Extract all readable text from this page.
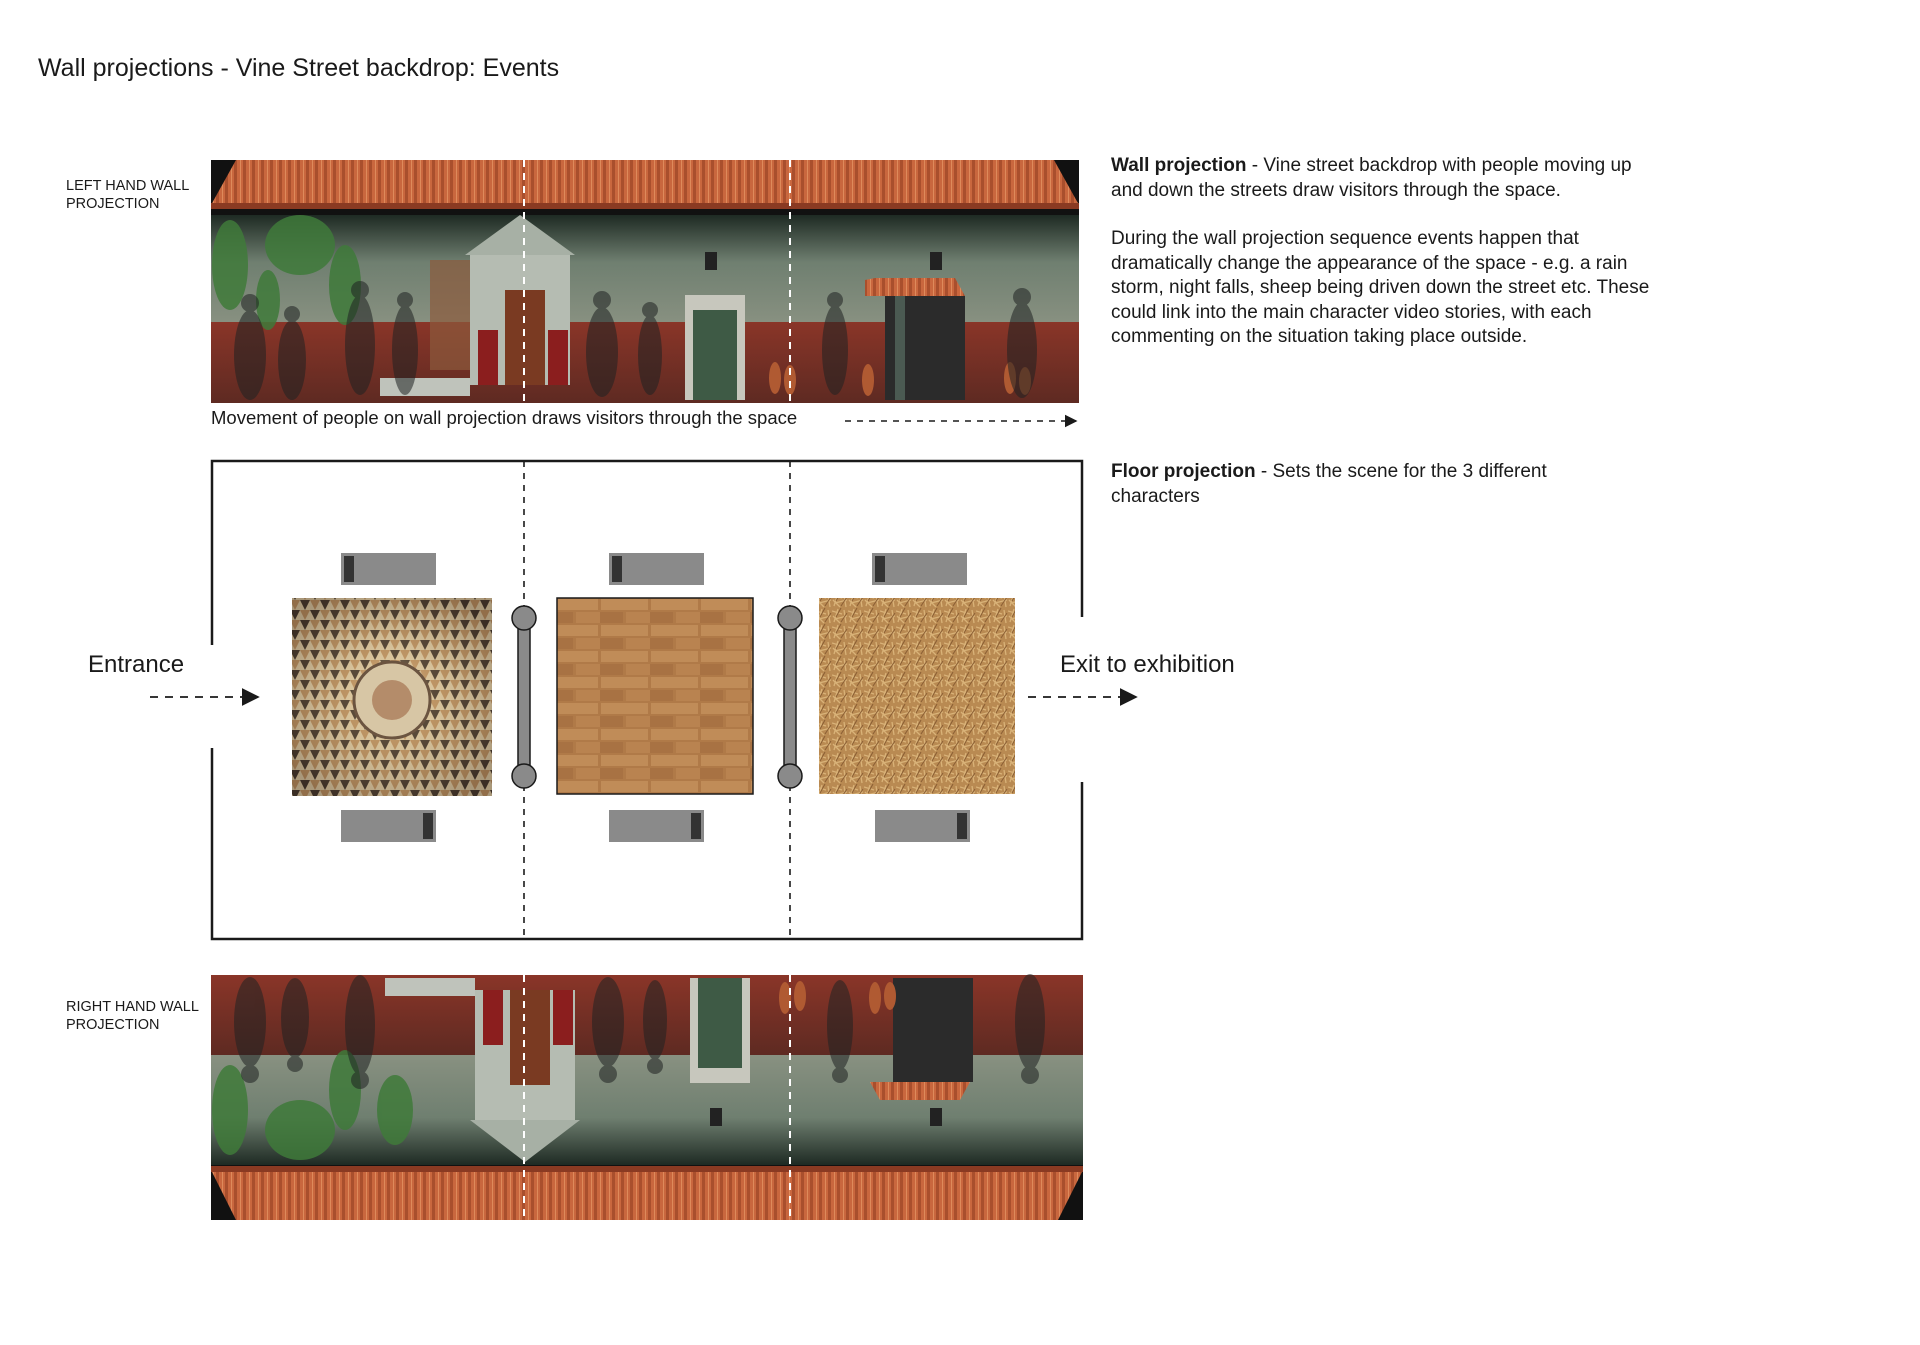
Wall projections - Vine Street backdrop: Events
LEFT HAND WALL PROJECTION
RIGHT HAND WALL PROJECTION

Wall projection - Vine street backdrop with people moving up and down the streets draw visitors through the space.

During the wall projection sequence events happen that dramatically change the appearance of the space - e.g. a rain storm, night falls, sheep being driven down the street etc. These could link into the main character video stories, with each commenting on the situation taking place outside.

Floor projection - Sets the scene for the 3 different characters

Movement of people on wall projection draws visitors through the space
Entrance	Exit to exhibition
